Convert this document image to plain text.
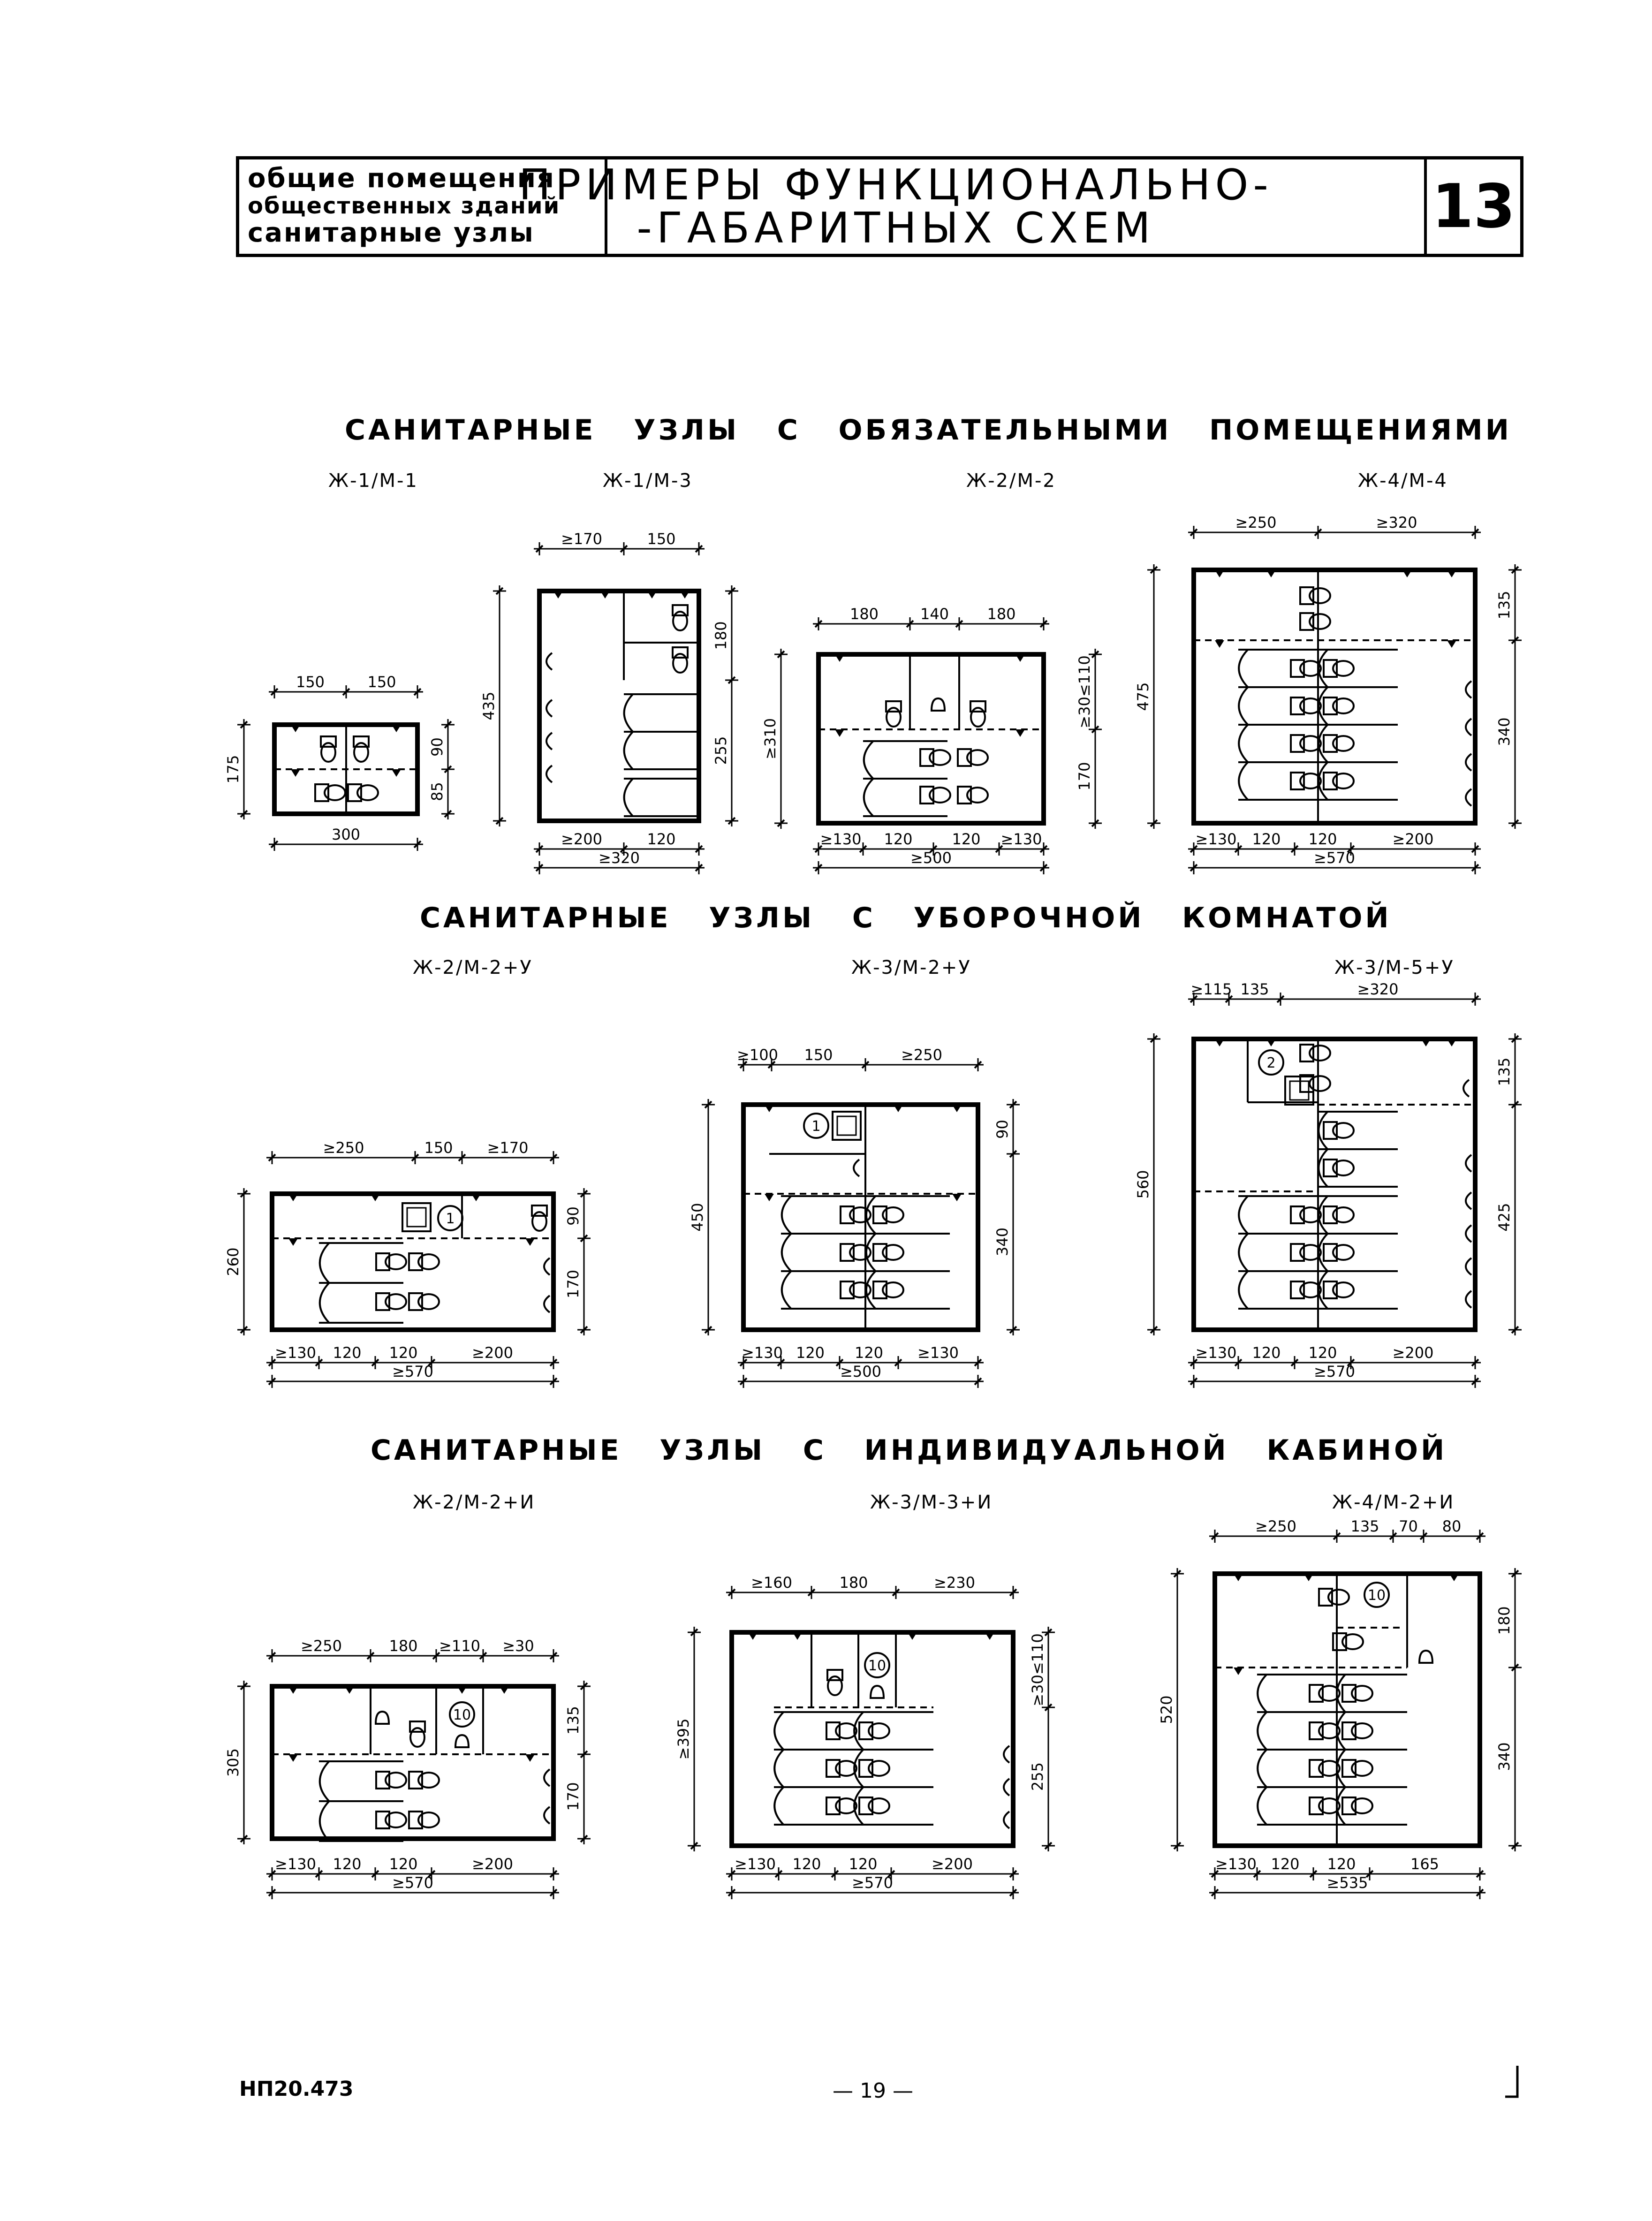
общие помещения
общественных зданий
санитарные узлы
ПРИМЕРЫ ФУНКЦИОНАЛЬНО-
-ГАБАРИТНЫХ СХЕМ	13
САНИТАРНЫЕ   УЗЛЫ   С   ОБЯЗАТЕЛЬНЫМИ   ПОМЕЩЕНИЯМИ
САНИТАРНЫЕ   УЗЛЫ   С   УБОРОЧНОЙ   КОМНАТОЙ
САНИТАРНЫЕ   УЗЛЫ   С   ИНДИВИДУАЛЬНОЙ   КАБИНОЙ
Ж-1/М-1	Ж-1/М-3	Ж-2/М-2	Ж-4/М-4
Ж-2/М-2+У	Ж-3/М-2+У	Ж-3/М-5+У
Ж-2/М-2+И	Ж-3/М-3+И	Ж-4/М-2+И
150	150
300
175
90
85
≥170	150
435
180
255
≥200	120
≥320
180	140	180
≥310
≥30≤110
170
≥130 120	120 ≥130
≥500
≥250	≥320
475
135
340
≥130 120 120	≥200
≥570
1
≥250	150 ≥170
260
90
170
≥130 120 120	≥200
≥570
1
≥100 150	≥250
450
90
340
≥130 120 120 ≥130
≥500
2
≥115 135	≥320
560
135
425
≥130 120 120	≥200
≥570
10
≥250	180 ≥110 ≥30
305
135
170
≥130 120 120	≥200
≥570
10
≥160	180	≥230
≥395
≥30≤110
255
≥130 120 120	≥200
≥570
10
≥250	135 70 80
520
180
340
≥130 120 120	165
≥535
НП20.473	— 19 —
